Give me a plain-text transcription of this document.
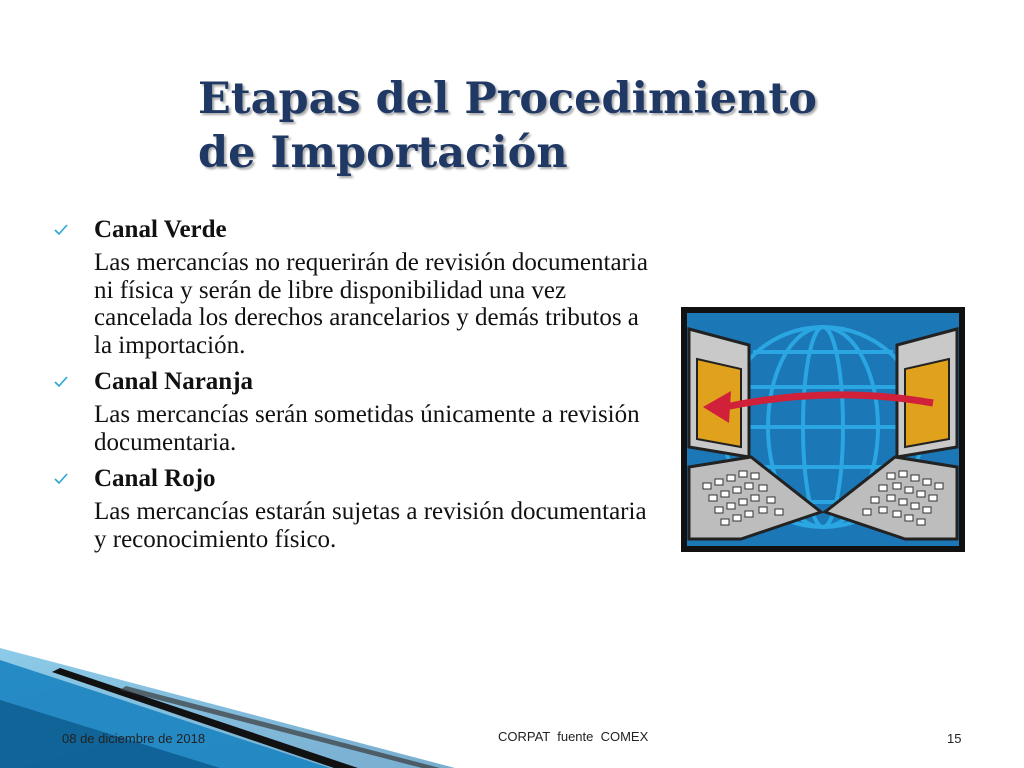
Etapas del Procedimiento
de Importación
Canal Verde
Las mercancías no requerirán de revisión documentaria ni física y serán de libre disponibilidad una vez cancelada los derechos arancelarios y demás tributos a la importación.
Canal Naranja
Las mercancías serán sometidas únicamente a revisión documentaria.
Canal Rojo
Las mercancías estarán sujetas a revisión documentaria y reconocimiento físico.
08 de diciembre de 2018	CORPAT  fuente  COMEX	15
